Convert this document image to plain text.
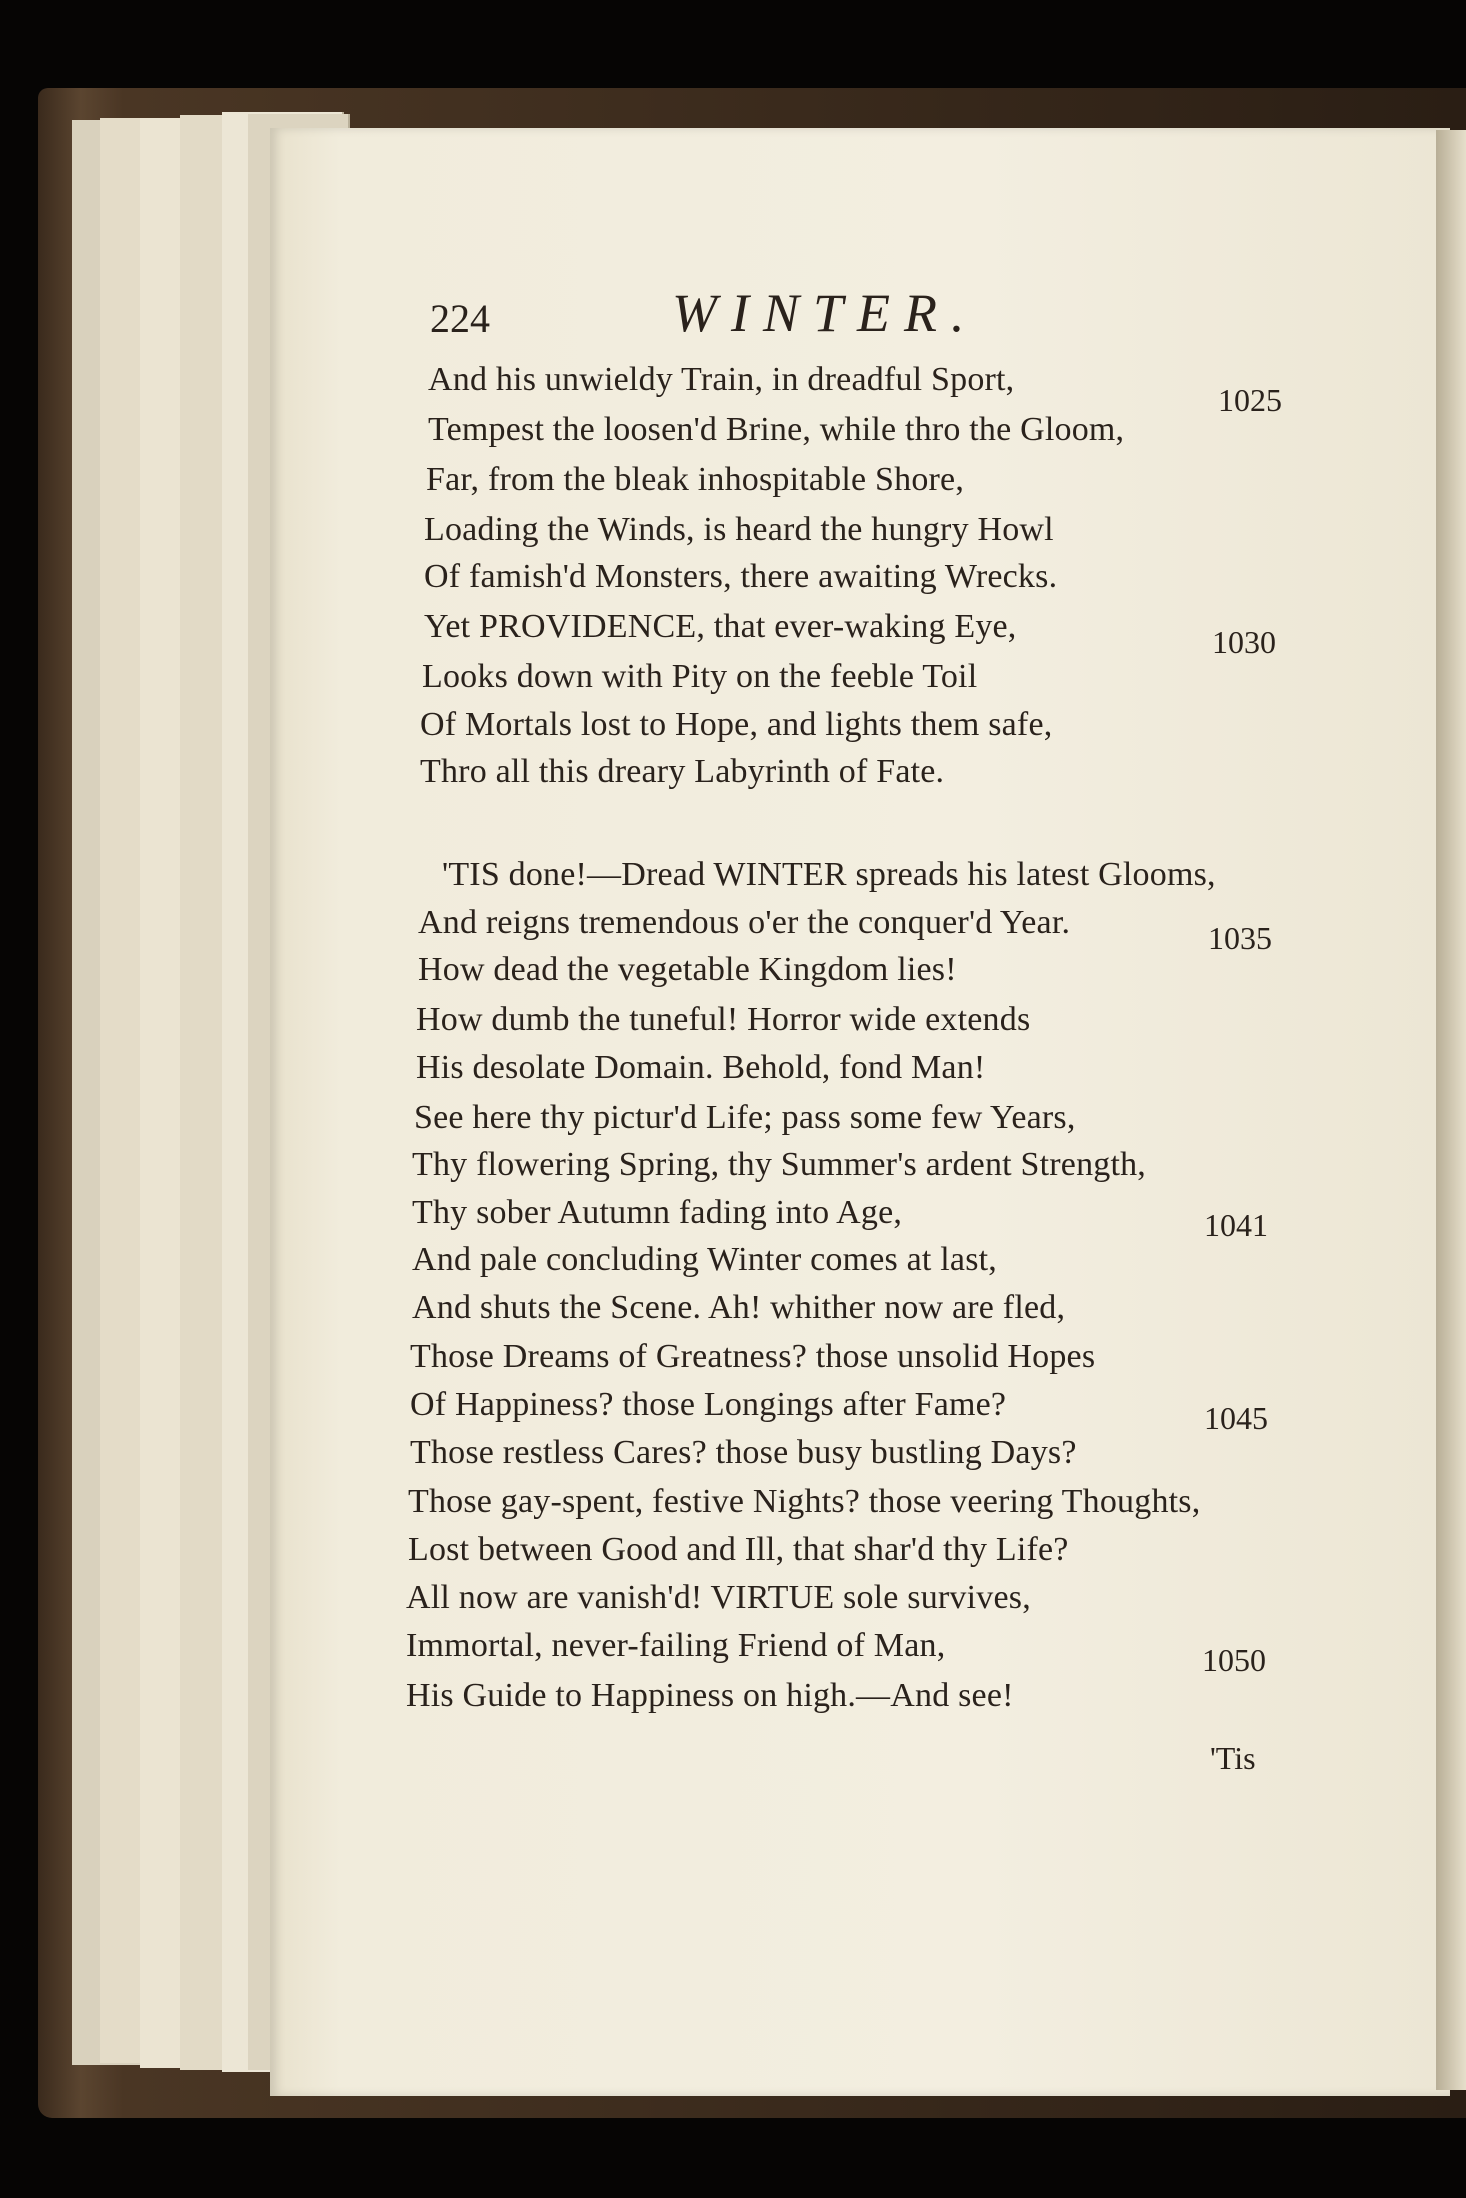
224	WINTER.
And his unwieldy Train, in dreadful Sport,
1025
Tempest the loosen'd Brine, while thro the Gloom,
Far, from the bleak inhospitable Shore,
Loading the Winds, is heard the hungry Howl
Of famish'd Monsters, there awaiting Wrecks.
Yet PROVIDENCE, that ever-waking Eye,	1030
Looks down with Pity on the feeble Toil
Of Mortals lost to Hope, and lights them safe,
Thro all this dreary Labyrinth of Fate.
'TIS done!—Dread WINTER spreads his latest Glooms,
And reigns tremendous o'er the conquer'd Year.	1035
How dead the vegetable Kingdom lies!
How dumb the tuneful! Horror wide extends
His desolate Domain. Behold, fond Man!
See here thy pictur'd Life; pass some few Years,
Thy flowering Spring, thy Summer's ardent Strength,
Thy sober Autumn fading into Age,	1041
And pale concluding Winter comes at last,
And shuts the Scene. Ah! whither now are fled,
Those Dreams of Greatness? those unsolid Hopes
Of Happiness? those Longings after Fame?	1045
Those restless Cares? those busy bustling Days?
Those gay-spent, festive Nights? those veering Thoughts,
Lost between Good and Ill, that shar'd thy Life?
All now are vanish'd! VIRTUE sole survives,
Immortal, never-failing Friend of Man,	1050
His Guide to Happiness on high.—And see!
'Tis
